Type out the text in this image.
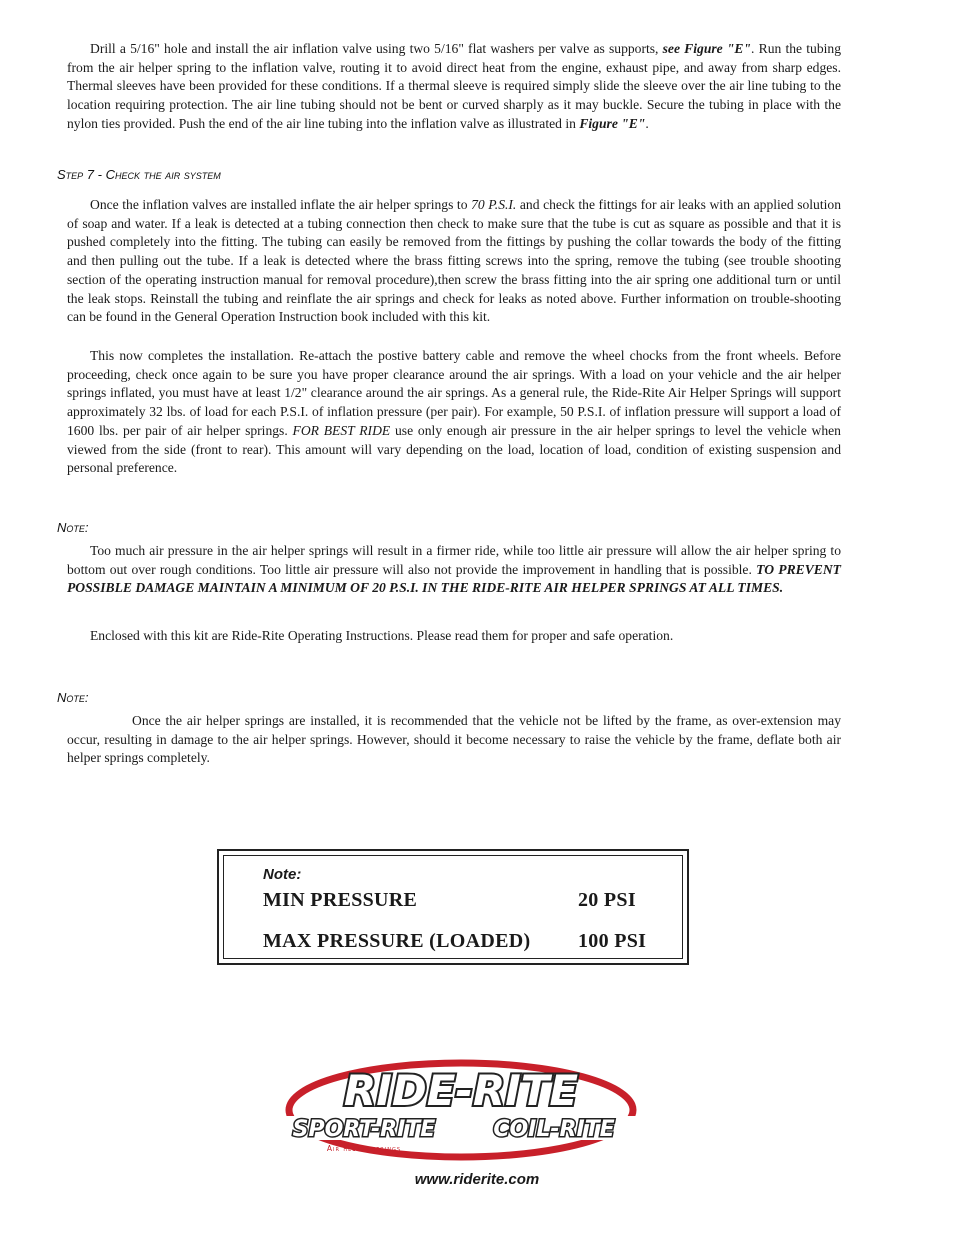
Drill a 5/16" hole and install the air inflation valve using two 5/16" flat washers per valve as supports, see Figure "E". Run the tubing from the air helper spring to the inflation valve, routing it to avoid direct heat from the engine, exhaust pipe, and away from sharp edges. Thermal sleeves have been provided for these conditions. If a thermal sleeve is required simply slide the sleeve over the air line tubing to the location requiring protection. The air line tubing should not be bent or curved sharply as it may buckle. Secure the tubing in place with the nylon ties provided. Push the end of the air line tubing into the inflation valve as illustrated in Figure "E".

Step 7 - Check the air system

Once the inflation valves are installed inflate the air helper springs to 70 P.S.I. and check the fittings for air leaks with an applied solution of soap and water. If a leak is detected at a tubing connection then check to make sure that the tube is cut as square as possible and that it is pushed completely into the fitting. The tubing can easily be removed from the fittings by pushing the collar towards the body of the fitting and then pulling out the tube. If a leak is detected where the brass fitting screws into the spring, remove the tubing (see trouble shooting section of the operating instruction manual for removal procedure),then screw the brass fitting into the air spring one additional turn or until the leak stops. Reinstall the tubing and reinflate the air springs and check for leaks as noted above. Further information on trouble-shooting can be found in the General Operation Instruction book included with this kit.

This now completes the installation. Re-attach the postive battery cable and remove the wheel chocks from the front wheels. Before proceeding, check once again to be sure you have proper clearance around the air springs. With a load on your vehicle and the air helper springs inflated, you must have at least 1/2" clearance around the air springs. As a general rule, the Ride-Rite Air Helper Springs will support approximately 32 lbs. of load for each P.S.I. of inflation pressure (per pair). For example, 50 P.S.I. of inflation pressure will support a load of 1600 lbs. per pair of air helper springs. FOR BEST RIDE use only enough air pressure in the air helper springs to level the vehicle when viewed from the side (front to rear). This amount will vary depending on the load, location of load, condition of existing suspension and personal preference.

Note:

Too much air pressure in the air helper springs will result in a firmer ride, while too little air pressure will allow the air helper spring to bottom out over rough conditions. Too little air pressure will also not provide the improvement in handling that is possible. TO PREVENT POSSIBLE DAMAGE MAINTAIN A MINIMUM OF 20 P.S.I. IN THE RIDE-RITE AIR HELPER SPRINGS AT ALL TIMES.

Enclosed with this kit are Ride-Rite Operating Instructions. Please read them for proper and safe operation.

Note:

Once the air helper springs are installed, it is recommended that the vehicle not be lifted by the frame, as over-extension may occur, resulting in damage to the air helper springs. However, should it become necessary to raise the vehicle by the frame, deflate both air helper springs completely.

Note:
MIN PRESSURE	20 PSI
MAX PRESSURE (LOADED) 100 PSI
RIDE-RITE
SPORT-RITE	COIL-RITE
Air helper springs
www.riderite.com
